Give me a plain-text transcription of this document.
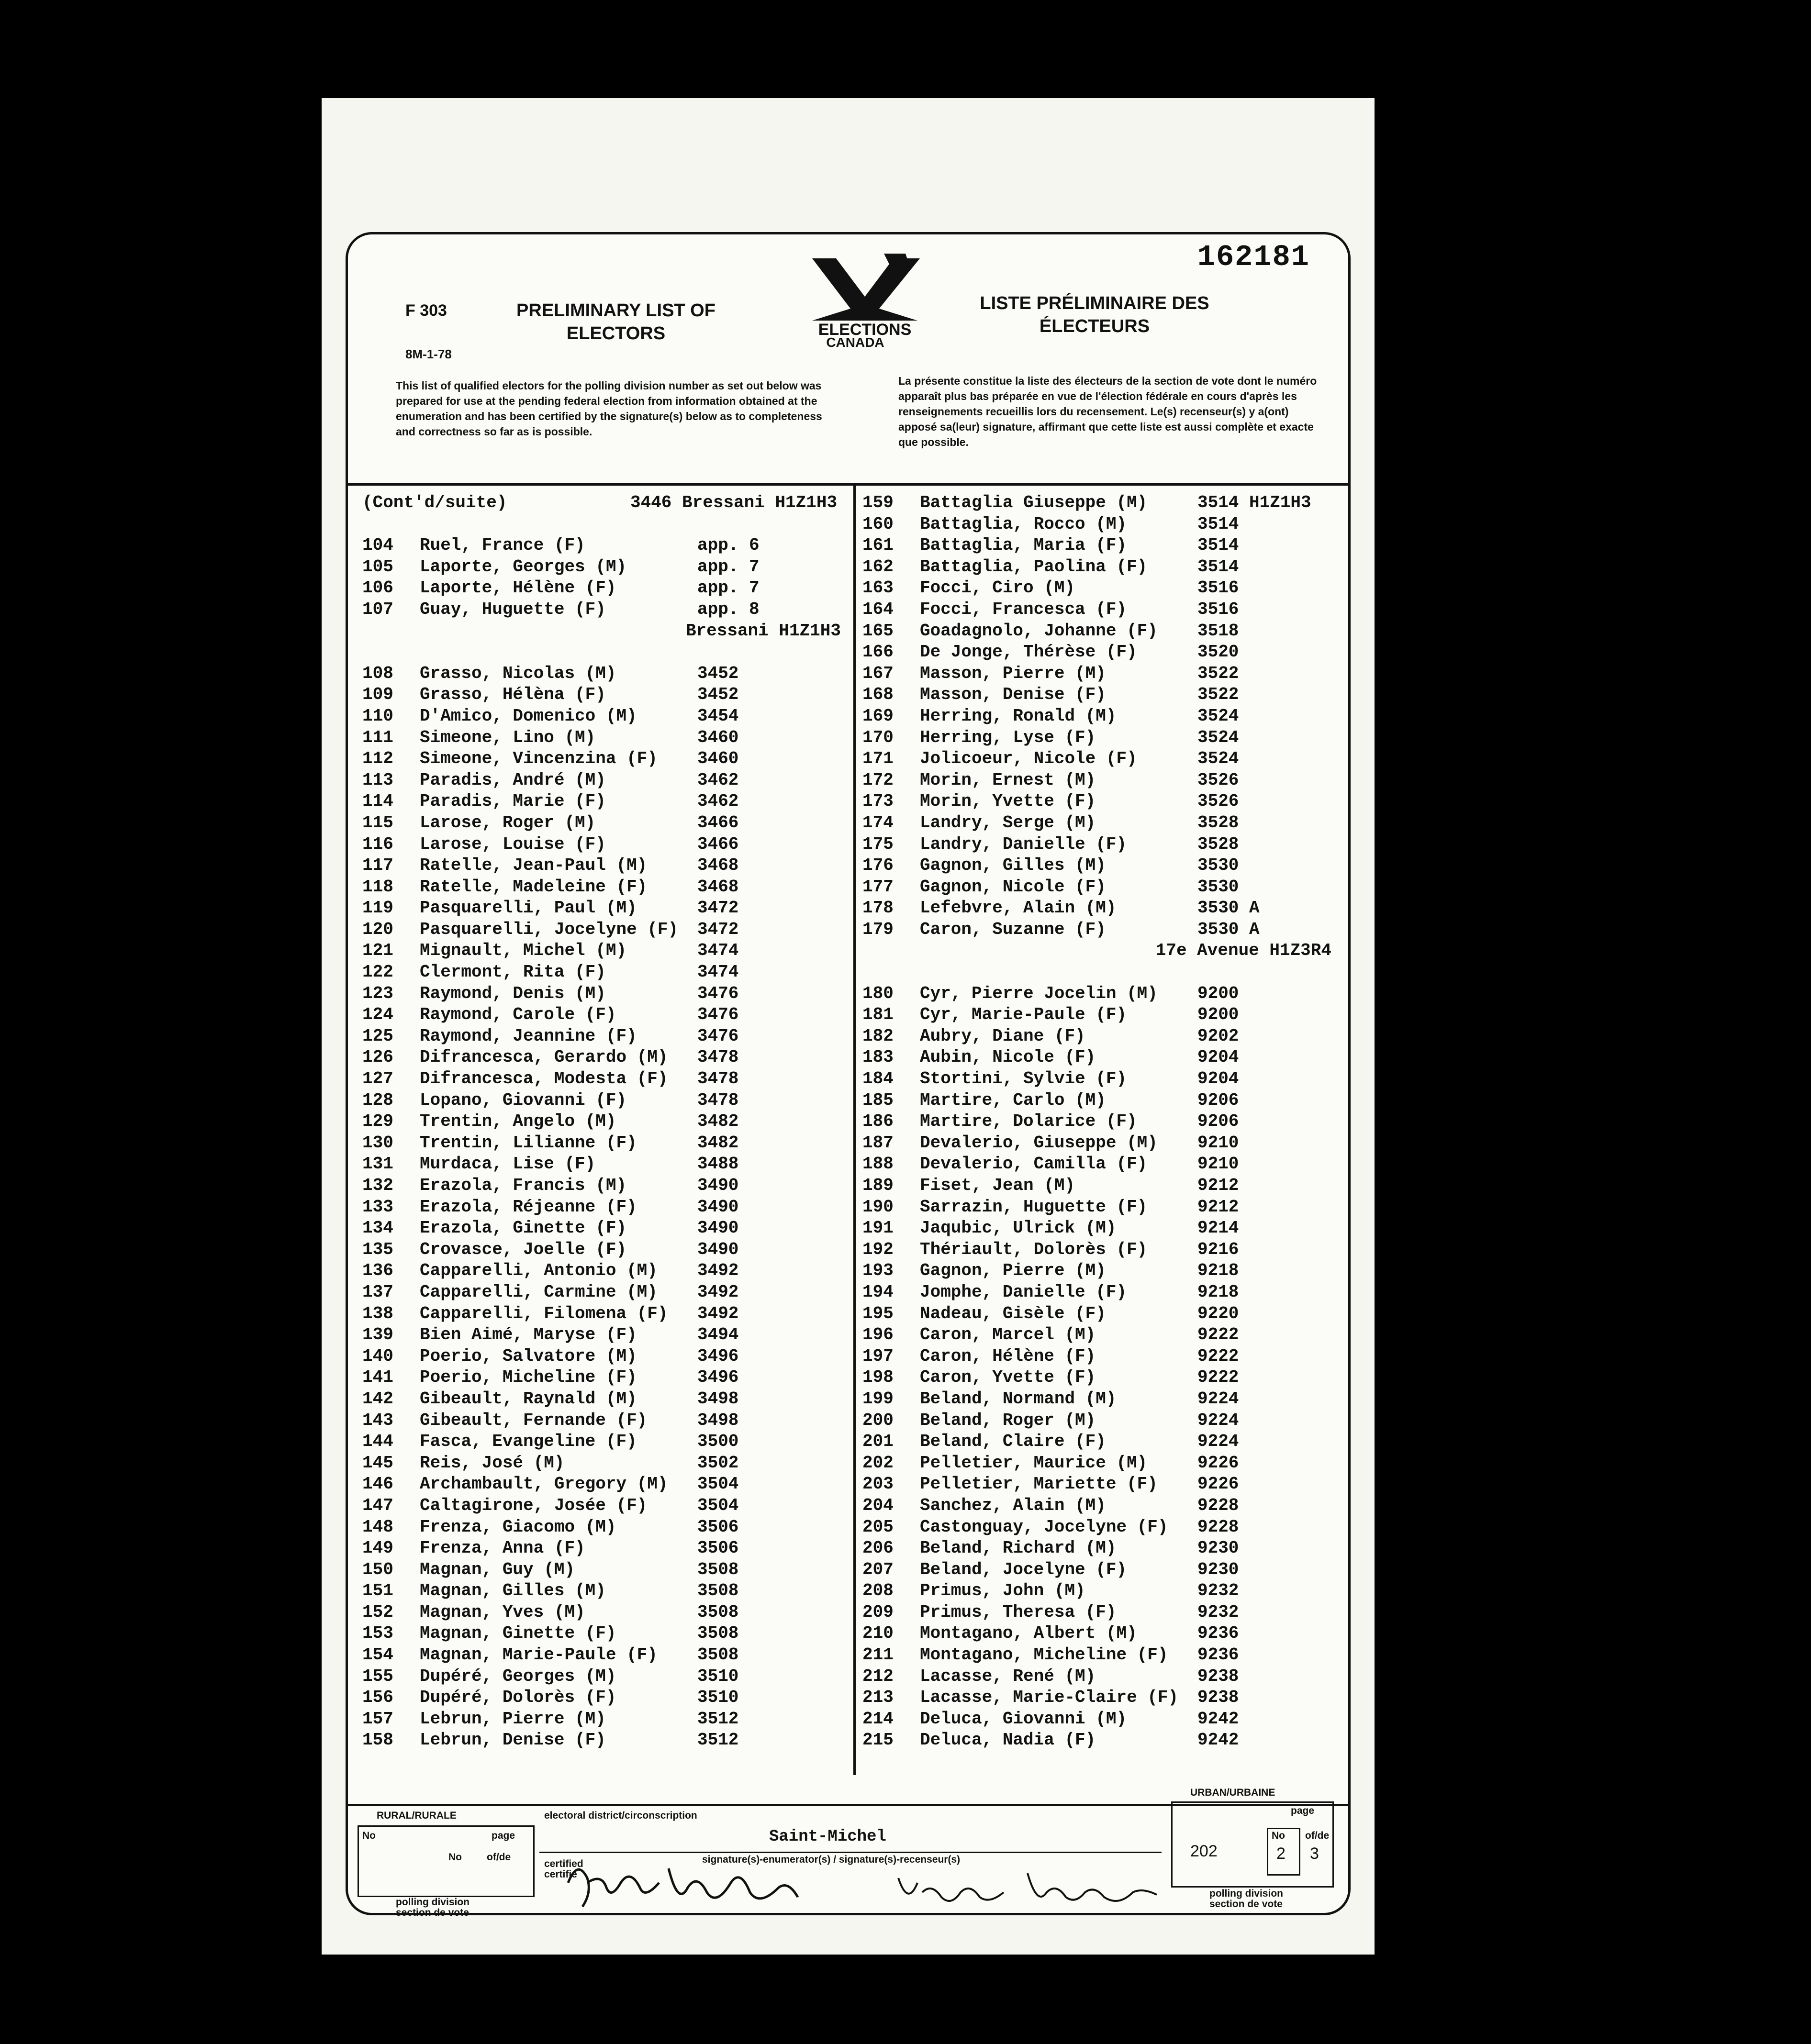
162181
F 303
8M-1-78
PRELIMINARY LIST OF ELECTORS
LISTE PRÉLIMINAIRE DES ÉLECTEURS
ELECTIONS
CANADA
This list of qualified electors for the polling division number as set out below was prepared for use at the pending federal election from information obtained at the enumeration and has been certified by the signature(s) below as to completeness and correctness so far as is possible.
La présente constitue la liste des électeurs de la section de vote dont le numéro apparaît plus bas préparée en vue de l'élection fédérale en cours d'après les renseignements recueillis lors du recensement. Le(s) recenseur(s) y a(ont) apposé sa(leur) signature, affirmant que cette liste est aussi complète et exacte que possible.
(Cont'd/suite)	3446 Bressani H1Z1H3
104 Ruel, France (F)	app. 6
105 Laporte, Georges (M)	app. 7
106 Laporte, Hélène (F)	app. 7
107 Guay, Huguette (F)	app. 8
Bressani H1Z1H3
108 Grasso, Nicolas (M)	3452
109 Grasso, Hélèna (F)	3452
110 D'Amico, Domenico (M)	3454
111 Simeone, Lino (M)	3460
112 Simeone, Vincenzina (F) 3460
113 Paradis, André (M)	3462
114 Paradis, Marie (F)	3462
115 Larose, Roger (M)	3466
116 Larose, Louise (F)	3466
117 Ratelle, Jean-Paul (M)	3468
118 Ratelle, Madeleine (F)	3468
119 Pasquarelli, Paul (M)	3472
120 Pasquarelli, Jocelyne (F) 3472
121 Mignault, Michel (M)	3474
122 Clermont, Rita (F)	3474
123 Raymond, Denis (M)	3476
124 Raymond, Carole (F)	3476
125 Raymond, Jeannine (F)	3476
126 Difrancesca, Gerardo (M) 3478
127 Difrancesca, Modesta (F) 3478
128 Lopano, Giovanni (F)	3478
129 Trentin, Angelo (M)	3482
130 Trentin, Lilianne (F)	3482
131 Murdaca, Lise (F)	3488
132 Erazola, Francis (M)	3490
133 Erazola, Réjeanne (F)	3490
134 Erazola, Ginette (F)	3490
135 Crovasce, Joelle (F)	3490
136 Capparelli, Antonio (M) 3492
137 Capparelli, Carmine (M) 3492
138 Capparelli, Filomena (F) 3492
139 Bien Aimé, Maryse (F)	3494
140 Poerio, Salvatore (M)	3496
141 Poerio, Micheline (F)	3496
142 Gibeault, Raynald (M)	3498
143 Gibeault, Fernande (F)	3498
144 Fasca, Evangeline (F)	3500
145 Reis, José (M)	3502
146 Archambault, Gregory (M) 3504
147 Caltagirone, Josée (F)	3504
148 Frenza, Giacomo (M)	3506
149 Frenza, Anna (F)	3506
150 Magnan, Guy (M)	3508
151 Magnan, Gilles (M)	3508
152 Magnan, Yves (M)	3508
153 Magnan, Ginette (F)	3508
154 Magnan, Marie-Paule (F) 3508
155 Dupéré, Georges (M)	3510
156 Dupéré, Dolorès (F)	3510
157 Lebrun, Pierre (M)	3512
158 Lebrun, Denise (F)	3512
159 Battaglia Giuseppe (M)	3514 H1Z1H3
160 Battaglia, Rocco (M)	3514
161 Battaglia, Maria (F)	3514
162 Battaglia, Paolina (F)	3514
163 Focci, Ciro (M)	3516
164 Focci, Francesca (F)	3516
165 Goadagnolo, Johanne (F) 3518
166 De Jonge, Thérèse (F)	3520
167 Masson, Pierre (M)	3522
168 Masson, Denise (F)	3522
169 Herring, Ronald (M)	3524
170 Herring, Lyse (F)	3524
171 Jolicoeur, Nicole (F)	3524
172 Morin, Ernest (M)	3526
173 Morin, Yvette (F)	3526
174 Landry, Serge (M)	3528
175 Landry, Danielle (F)	3528
176 Gagnon, Gilles (M)	3530
177 Gagnon, Nicole (F)	3530
178 Lefebvre, Alain (M)	3530 A
179 Caron, Suzanne (F)	3530 A
17e Avenue H1Z3R4
180 Cyr, Pierre Jocelin (M) 9200
181 Cyr, Marie-Paule (F)	9200
182 Aubry, Diane (F)	9202
183 Aubin, Nicole (F)	9204
184 Stortini, Sylvie (F)	9204
185 Martire, Carlo (M)	9206
186 Martire, Dolarice (F)	9206
187 Devalerio, Giuseppe (M) 9210
188 Devalerio, Camilla (F)	9210
189 Fiset, Jean (M)	9212
190 Sarrazin, Huguette (F)	9212
191 Jaqubic, Ulrick (M)	9214
192 Thériault, Dolorès (F)	9216
193 Gagnon, Pierre (M)	9218
194 Jomphe, Danielle (F)	9218
195 Nadeau, Gisèle (F)	9220
196 Caron, Marcel (M)	9222
197 Caron, Hélène (F)	9222
198 Caron, Yvette (F)	9222
199 Beland, Normand (M)	9224
200 Beland, Roger (M)	9224
201 Beland, Claire (F)	9224
202 Pelletier, Maurice (M)	9226
203 Pelletier, Mariette (F) 9226
204 Sanchez, Alain (M)	9228
205 Castonguay, Jocelyne (F) 9228
206 Beland, Richard (M)	9230
207 Beland, Jocelyne (F)	9230
208 Primus, John (M)	9232
209 Primus, Theresa (F)	9232
210 Montagano, Albert (M)	9236
211 Montagano, Micheline (F) 9236
212 Lacasse, René (M)	9238
213 Lacasse, Marie-Claire (F) 9238
214 Deluca, Giovanni (M)	9242
215 Deluca, Nadia (F)	9242
RURAL/RURALE
No	page
No of/de
polling division section de vote
electoral district/circonscription
Saint-Michel
certified certifié
signature(s)-enumerator(s) / signature(s)-recenseur(s)
URBAN/URBAINE
page
202
No
2
of/de
3
polling division section de vote
